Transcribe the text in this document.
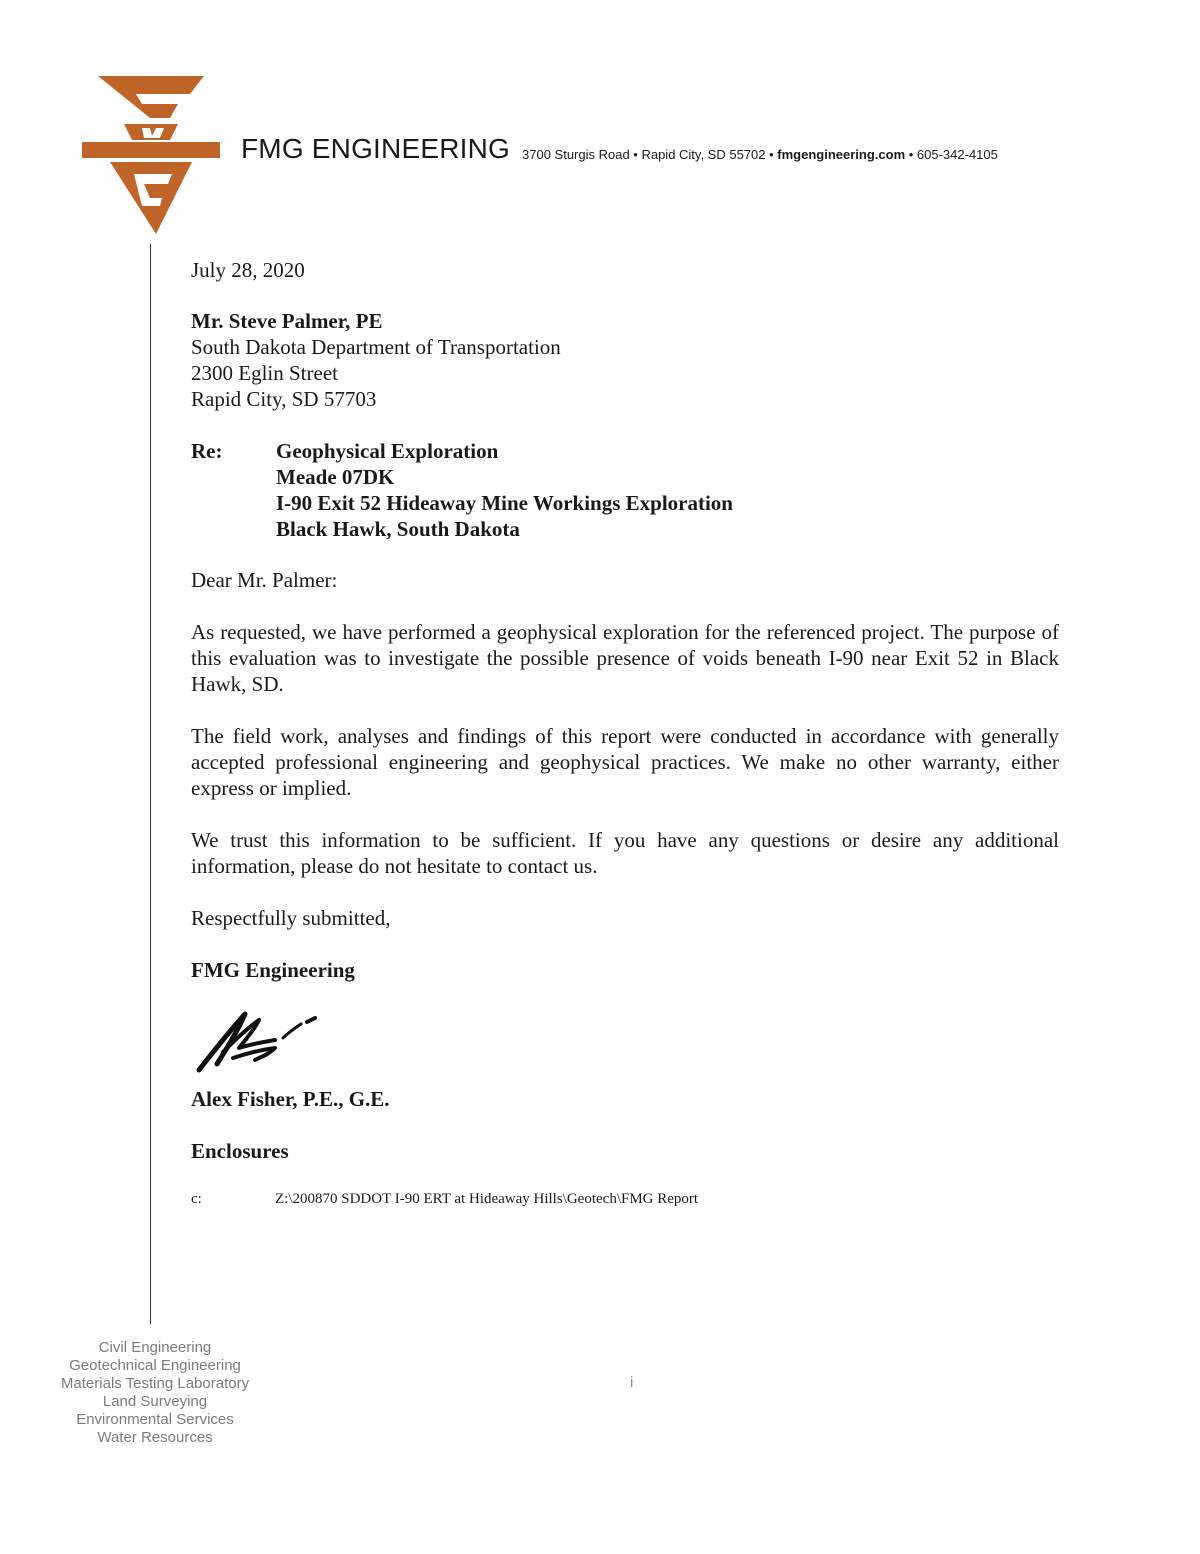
FMG ENGINEERING 3700 Sturgis Road • Rapid City, SD 55702 • fmgengineering.com • 605-342-4105
July 28, 2020
Mr. Steve Palmer, PE
South Dakota Department of Transportation
2300 Eglin Street
Rapid City, SD 57703
Re:	Geophysical Exploration
Meade 07DK
I-90 Exit 52 Hideaway Mine Workings Exploration
Black Hawk, South Dakota
Dear Mr. Palmer:
As requested, we have performed a geophysical exploration for the referenced project. The purpose of this evaluation was to investigate the possible presence of voids beneath I-90 near Exit 52 in Black Hawk, SD.
The field work, analyses and findings of this report were conducted in accordance with generally accepted professional engineering and geophysical practices. We make no other warranty, either express or implied.
We trust this information to be sufficient. If you have any questions or desire any additional information, please do not hesitate to contact us.
Respectfully submitted,
FMG Engineering
Alex Fisher, P.E., G.E.
Enclosures
c:	Z:\200870 SDDOT I-90 ERT at Hideaway Hills\Geotech\FMG Report
Civil Engineering
Geotechnical Engineering
Materials Testing Laboratory
Land Surveying
Environmental Services
Water Resources
i
